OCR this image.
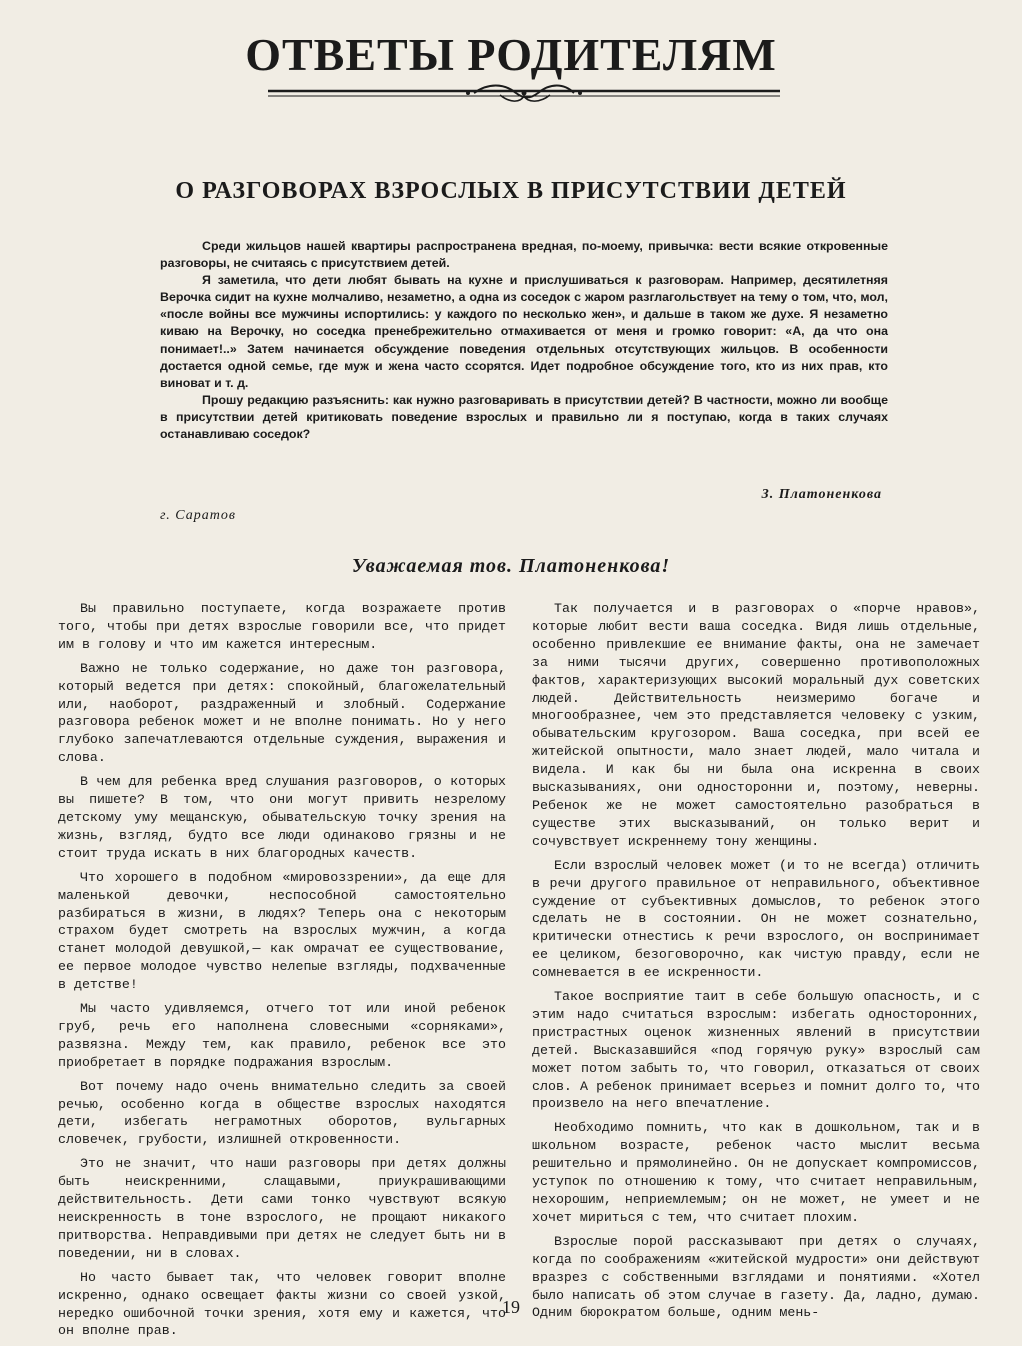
ОТВЕТЫ РОДИТЕЛЯМ
О РАЗГОВОРАХ ВЗРОСЛЫХ В ПРИСУТСТВИИ ДЕТЕЙ

Среди жильцов нашей квартиры распространена вредная, по-моему, привычка: вести всякие откровенные разговоры, не считаясь с присутствием детей.

Я заметила, что дети любят бывать на кухне и прислушиваться к разговорам. Например, десятилетняя Верочка сидит на кухне молчаливо, незаметно, а одна из соседок с жаром разглагольствует на тему о том, что, мол, «после войны все мужчины испортились: у каждого по несколько жен», и дальше в таком же духе. Я незаметно киваю на Верочку, но соседка пренебрежительно отмахивается от меня и громко говорит: «А, да что она понимает!..» Затем начинается обсуждение поведения отдельных отсутствующих жильцов. В особенности достается одной семье, где муж и жена часто ссорятся. Идет подробное обсуждение того, кто из них прав, кто виноват и т. д.

Прошу редакцию разъяснить: как нужно разговаривать в присутствии детей? В частности, можно ли вообще в присутствии детей критиковать поведение взрослых и правильно ли я поступаю, когда в таких случаях останавливаю соседок?

З. Платоненкова
г. Саратов
Уважаемая тов. Платоненкова!

Вы правильно поступаете, когда возражаете против того, чтобы при детях взрослые говорили все, что придет им в голову и что им кажется интересным.

Важно не только содержание, но даже тон разговора, который ведется при детях: спокойный, благожелательный или, наоборот, раздраженный и злобный. Содержание разговора ребенок может и не вполне понимать. Но у него глубоко запечатлеваются отдельные суждения, выражения и слова.

В чем для ребенка вред слушания разговоров, о которых вы пишете? В том, что они могут привить незрелому детскому уму мещанскую, обывательскую точку зрения на жизнь, взгляд, будто все люди одинаково грязны и не стоит труда искать в них благородных качеств.

Что хорошего в подобном «мировоззрении», да еще для маленькой девочки, неспособной самостоятельно разбираться в жизни, в людях? Теперь она с некоторым страхом будет смотреть на взрослых мужчин, а когда станет молодой девушкой,— как омрачат ее существование, ее первое молодое чувство нелепые взгляды, подхваченные в детстве!

Мы часто удивляемся, отчего тот или иной ребенок груб, речь его наполнена словесными «сорняками», развязна. Между тем, как правило, ребенок все это приобретает в порядке подражания взрослым.

Вот почему надо очень внимательно следить за своей речью, особенно когда в обществе взрослых находятся дети, избегать неграмотных оборотов, вульгарных словечек, грубости, излишней откровенности.

Это не значит, что наши разговоры при детях должны быть неискренними, слащавыми, приукрашивающими действительность. Дети сами тонко чувствуют всякую неискренность в тоне взрослого, не прощают никакого притворства. Неправдивыми при детях не следует быть ни в поведении, ни в словах.

Но часто бывает так, что человек говорит вполне искренно, однако освещает факты жизни со своей узкой, нередко ошибочной точки зрения, хотя ему и кажется, что он вполне прав.

Так получается и в разговорах о «порче нравов», которые любит вести ваша соседка. Видя лишь отдельные, особенно привлекшие ее внимание факты, она не замечает за ними тысячи других, совершенно противоположных фактов, характеризующих высокий моральный дух советских людей. Действительность неизмеримо богаче и многообразнее, чем это представляется человеку с узким, обывательским кругозором. Ваша соседка, при всей ее житейской опытности, мало знает людей, мало читала и видела. И как бы ни была она искренна в своих высказываниях, они односторонни и, поэтому, неверны. Ребенок же не может самостоятельно разобраться в существе этих высказываний, он только верит и сочувствует искреннему тону женщины.

Если взрослый человек может (и то не всегда) отличить в речи другого правильное от неправильного, объективное суждение от субъективных домыслов, то ребенок этого сделать не в состоянии. Он не может сознательно, критически отнестись к речи взрослого, он воспринимает ее целиком, безоговорочно, как чистую правду, если не сомневается в ее искренности.

Такое восприятие таит в себе большую опасность, и с этим надо считаться взрослым: избегать односторонних, пристрастных оценок жизненных явлений в присутствии детей. Высказавшийся «под горячую руку» взрослый сам может потом забыть то, что говорил, отказаться от своих слов. А ребенок принимает всерьез и помнит долго то, что произвело на него впечатление.

Необходимо помнить, что как в дошкольном, так и в школьном возрасте, ребенок часто мыслит весьма решительно и прямолинейно. Он не допускает компромиссов, уступок по отношению к тому, что считает неправильным, нехорошим, неприемлемым; он не может, не умеет и не хочет мириться с тем, что считает плохим.

Взрослые порой рассказывают при детях о случаях, когда по соображениям «житейской мудрости» они действуют вразрез с собственными взглядами и понятиями. «Хотел было написать об этом случае в газету. Да, ладно, думаю. Одним бюрократом больше, одним мень-

19
